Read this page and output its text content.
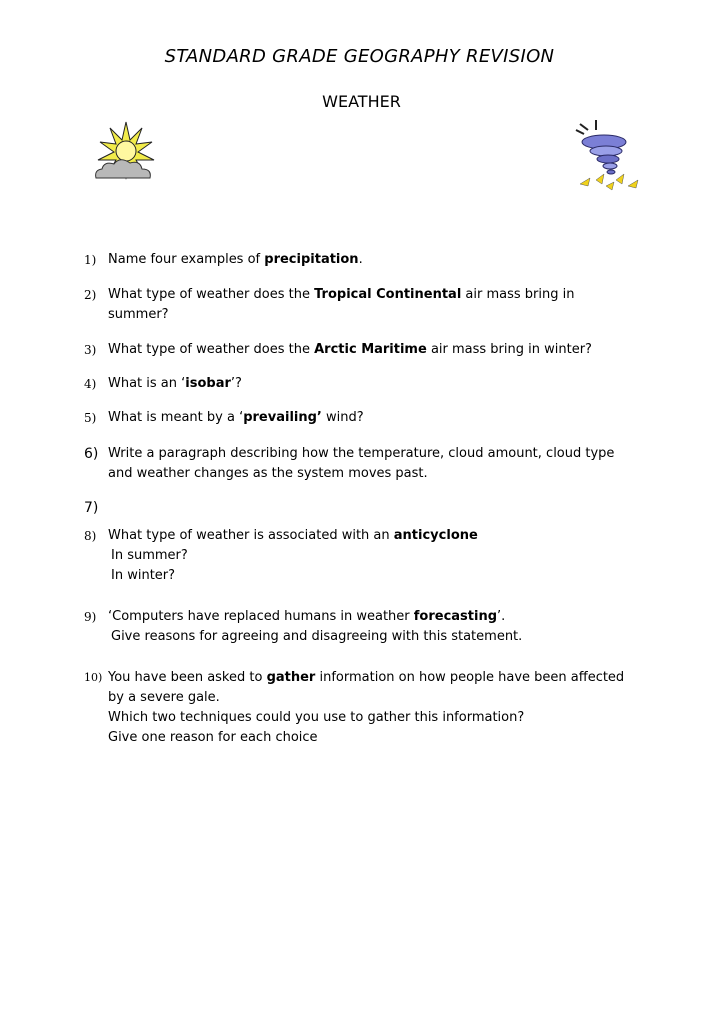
STANDARD GRADE GEOGRAPHY REVISION
WEATHER
1) Name four examples of precipitation.
2) What type of weather does the Tropical Continental air mass bring in
summer?
3) What type of weather does the Arctic Maritime air mass bring in winter?
4) What is an ‘isobar’?
5) What is meant by a ‘prevailing’ wind?
6) Write a paragraph describing how the temperature, cloud amount, cloud type
and weather changes as the system moves past.
7)
8) What type of weather is associated with an anticyclone
In summer?
In winter?
9) ‘Computers have replaced humans in weather forecasting’.
Give reasons for agreeing and disagreeing with this statement.
10) You have been asked to gather information on how people have been affected
by a severe gale.
Which two techniques could you use to gather this information?
Give one reason for each choice
